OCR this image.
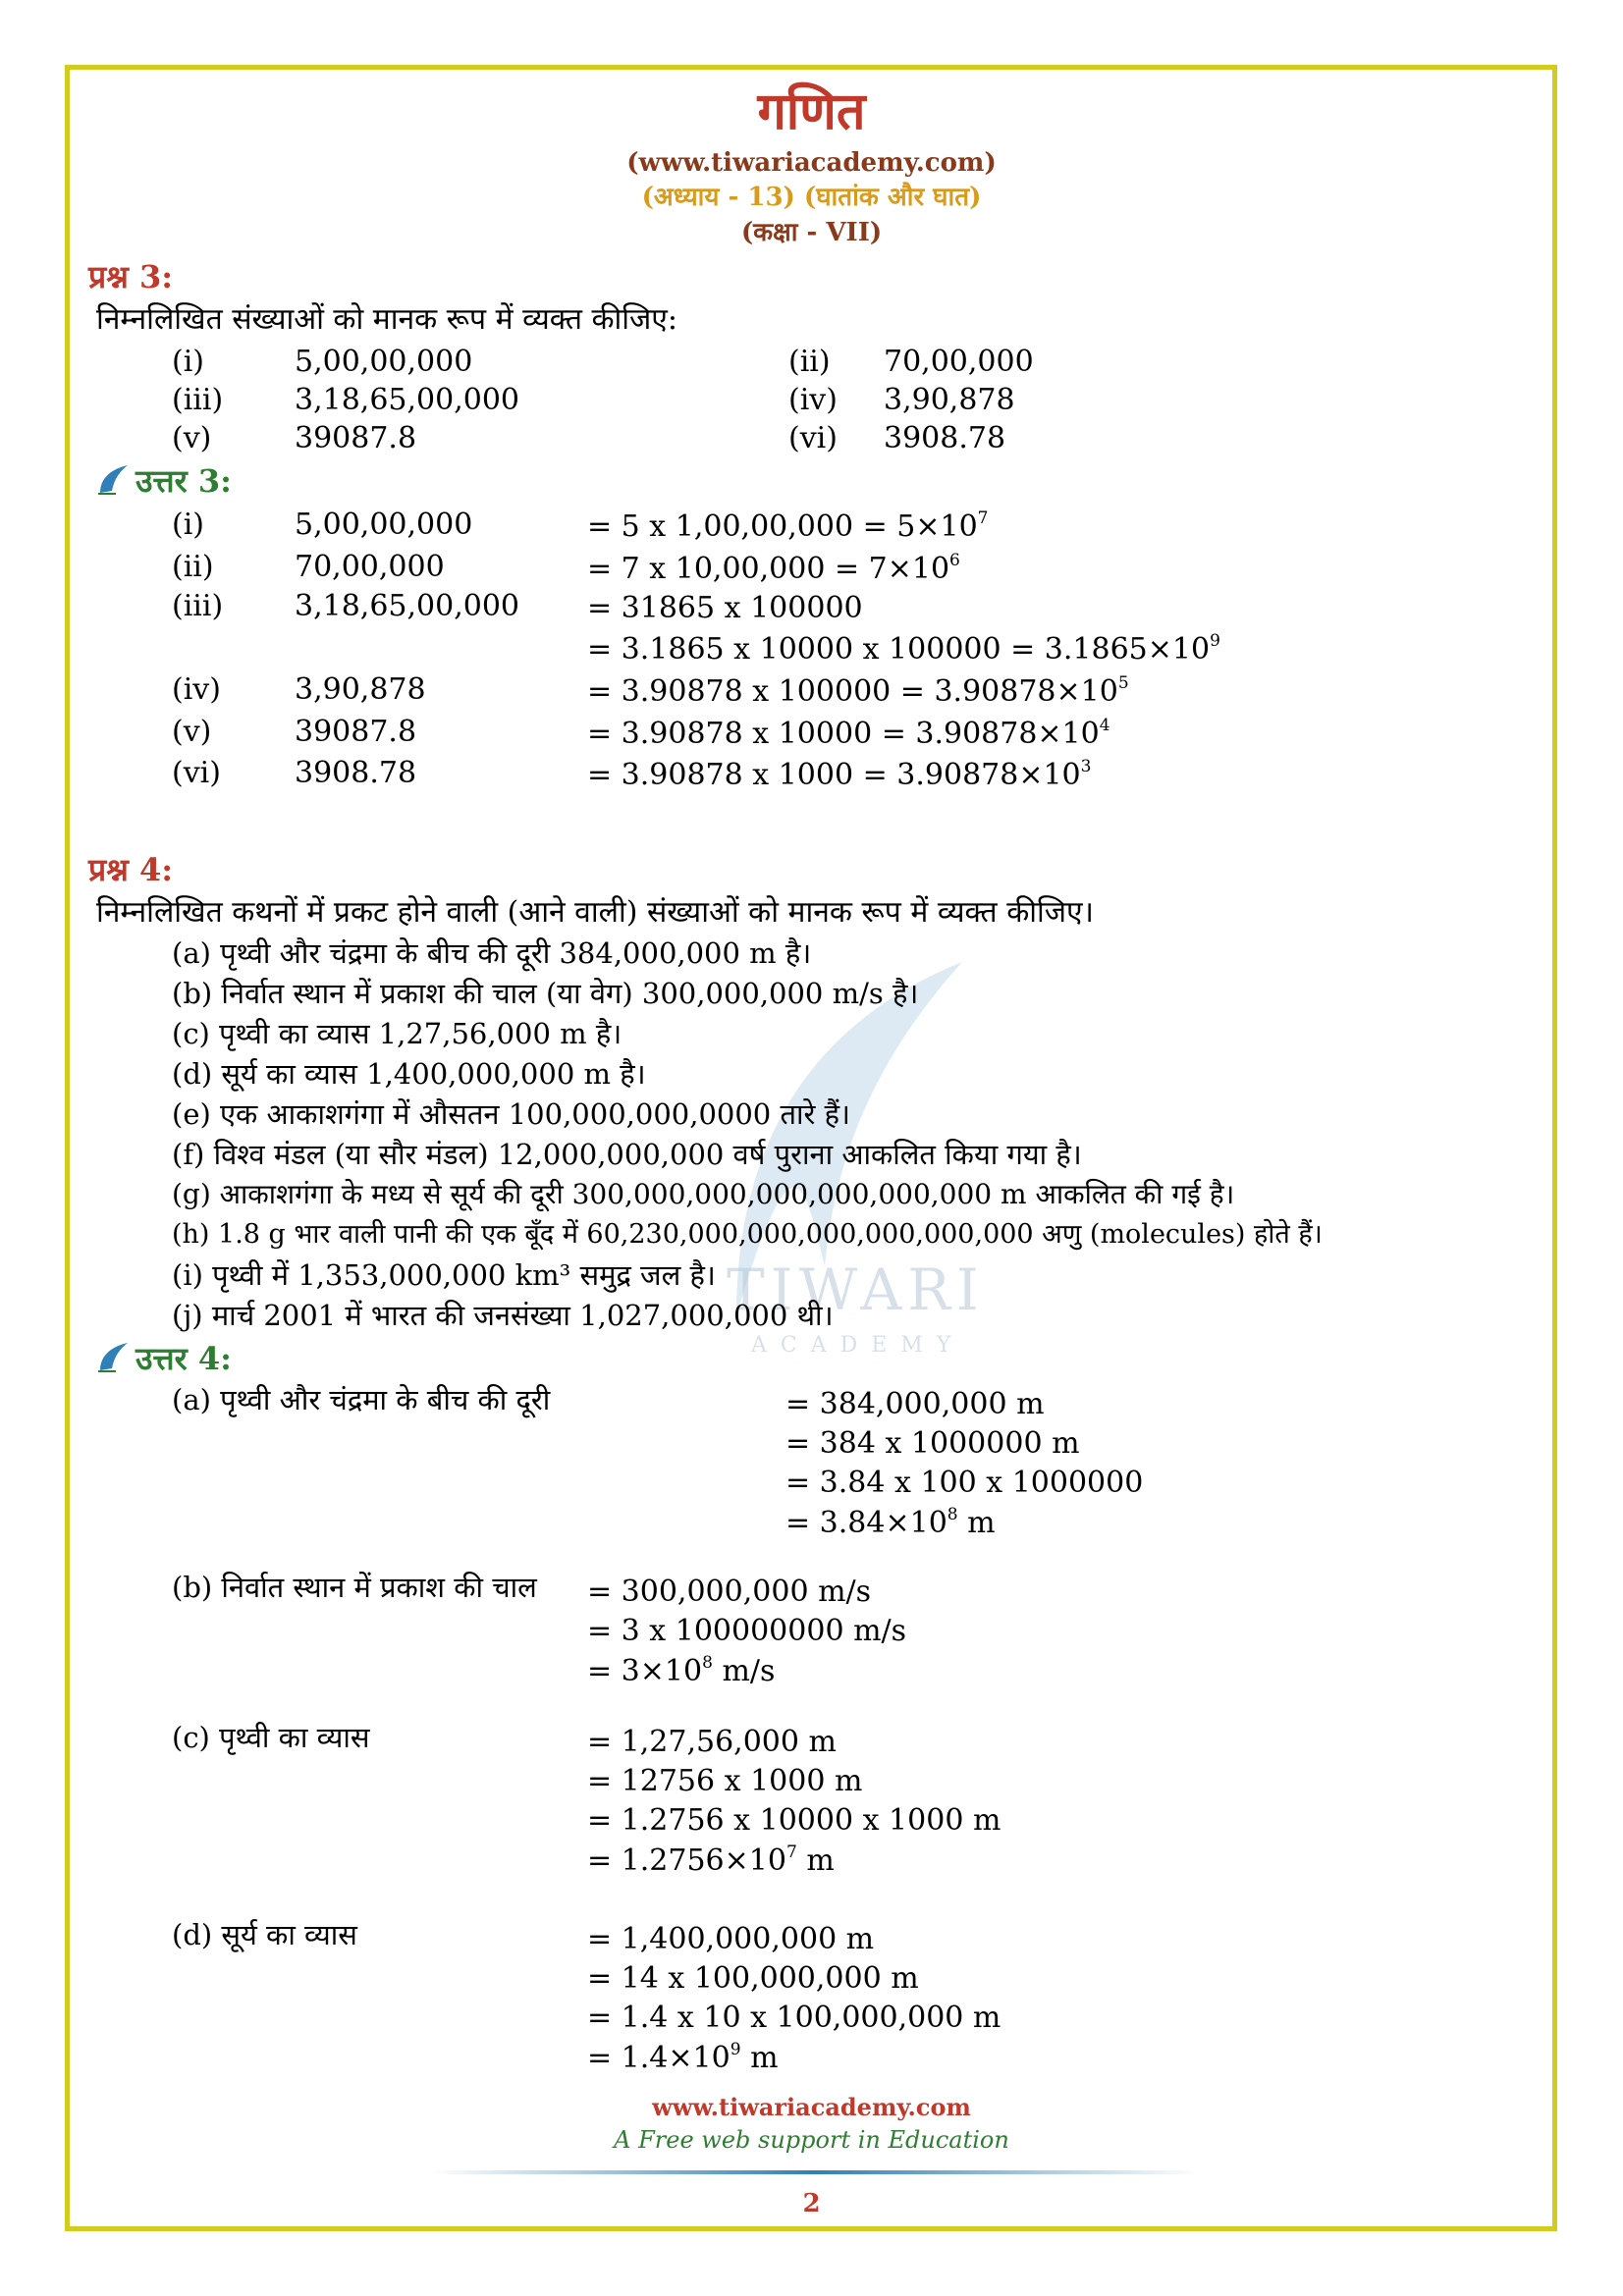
TIWARI
ACADEMY
गणित
(www.tiwariacademy.com)
(अध्याय - 13) (घातांक और घात)
(कक्षा - VII)
प्रश्न 3:
निम्नलिखित संख्याओं को मानक रूप में व्यक्त कीजिए:
(i)	5,00,00,000	(ii) 70,00,000
(iii) 3,18,65,00,000	(iv) 3,90,878
(v)	39087.8	(vi) 3908.78
उत्तर 3:
(i)	5,00,00,000	= 5 x $1,00,00,000 = 5\times 10^7$
(ii)	70,00,000	= 7 x $10,00,000 = 7\times 10^6$
(iii) 3,18,65,00,000 = 31865 x 100000
= 3.1865 x 10000 x $100000 = 3.1865\times 10^9$
(iv)	3,90,878	= 3.90878 x $100000 = 3.90878\times 10^5$
(v)	39087.8	= 3.90878 x $10000 = 3.90878\times 10^4$
(vi)	3908.78	= 3.90878 x $1000 = 3.90878\times 10^3$
प्रश्न 4:
निम्नलिखित कथनों में प्रकट होने वाली (आने वाली) संख्याओं को मानक रूप में व्यक्त कीजिए।
(a) पृथ्वी और चंद्रमा के बीच की दूरी 384,000,000 m है।
(b) निर्वात स्थान में प्रकाश की चाल (या वेग) 300,000,000 m/s है।
(c) पृथ्वी का व्यास 1,27,56,000 m है।
(d) सूर्य का व्यास 1,400,000,000 m है।
(e) एक आकाशगंगा में औसतन 100,000,000,0000 तारे हैं।
(f) विश्व मंडल (या सौर मंडल) 12,000,000,000 वर्ष पुराना आकलित किया गया है।
(g) आकाशगंगा के मध्य से सूर्य की दूरी 300,000,000,000,000,000,000 m आकलित की गई है।
(h) 1.8 g भार वाली पानी की एक बूँद में 60,230,000,000,000,000,000,000 अणु (molecules) होते हैं।
(i) पृथ्वी में 1,353,000,000 km³ समुद्र जल है।
(j) मार्च 2001 में भारत की जनसंख्या 1,027,000,000 थी।
उत्तर 4:
(a) पृथ्वी और चंद्रमा के बीच की दूरी	= 384,000,000 m
= 384 x 1000000 m
= 3.84 x 100 x 1000000
= $3.84\times 10^8$ m
(b) निर्वात स्थान में प्रकाश की चाल = 300,000,000 m/s
= 3 x 100000000 m/s
= $3\times 10^8$ m/s
(c) पृथ्वी का व्यास	= 1,27,56,000 m
= 12756 x 1000 m
= 1.2756 x 10000 x 1000 m
= $1.2756\times 10^7$ m
(d) सूर्य का व्यास	= 1,400,000,000 m
= 14 x 100,000,000 m
= 1.4 x 10 x 100,000,000 m
= $1.4\times 10^9$ m
www.tiwariacademy.com
A Free web support in Education
2
